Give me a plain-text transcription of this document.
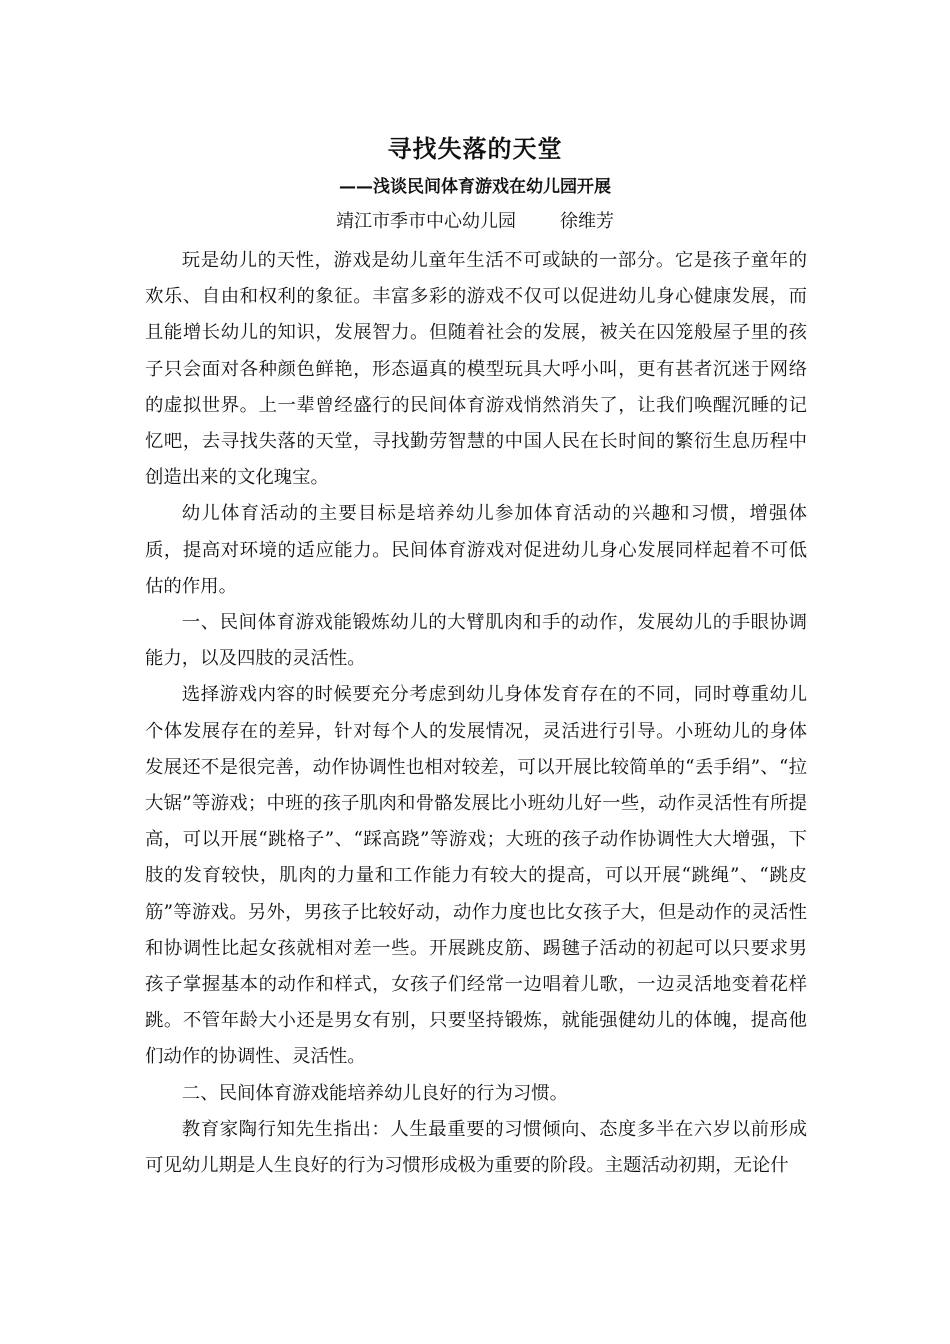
寻找失落的天堂
——浅谈民间体育游戏在幼儿园开展
靖江市季市中心幼儿园 徐维芳

玩是幼儿的天性，游戏是幼儿童年生活不可或缺的一部分。它是孩子童年的欢乐、自由和权利的象征。丰富多彩的游戏不仅可以促进幼儿身心健康发展，而且能增长幼儿的知识，发展智力。但随着社会的发展，被关在囚笼般屋子里的孩子只会面对各种颜色鲜艳，形态逼真的模型玩具大呼小叫，更有甚者沉迷于网络的虚拟世界。上一辈曾经盛行的民间体育游戏悄然消失了，让我们唤醒沉睡的记忆吧，去寻找失落的天堂，寻找勤劳智慧的中国人民在长时间的繁衍生息历程中创造出来的文化瑰宝。

幼儿体育活动的主要目标是培养幼儿参加体育活动的兴趣和习惯，增强体质，提高对环境的适应能力。民间体育游戏对促进幼儿身心发展同样起着不可低估的作用。

一、民间体育游戏能锻炼幼儿的大臂肌肉和手的动作，发展幼儿的手眼协调能力，以及四肢的灵活性。

选择游戏内容的时候要充分考虑到幼儿身体发育存在的不同，同时尊重幼儿个体发展存在的差异，针对每个人的发展情况，灵活进行引导。小班幼儿的身体发展还不是很完善，动作协调性也相对较差，可以开展比较简单的“丢手绢”、“拉大锯”等游戏；中班的孩子肌肉和骨骼发展比小班幼儿好一些，动作灵活性有所提高，可以开展“跳格子”、“踩高跷”等游戏；大班的孩子动作协调性大大增强，下肢的发育较快，肌肉的力量和工作能力有较大的提高，可以开展“跳绳”、“跳皮筋”等游戏。另外，男孩子比较好动，动作力度也比女孩子大，但是动作的灵活性和协调性比起女孩就相对差一些。开展跳皮筋、踢毽子活动的初起可以只要求男孩子掌握基本的动作和样式，女孩子们经常一边唱着儿歌，一边灵活地变着花样跳。不管年龄大小还是男女有别，只要坚持锻炼，就能强健幼儿的体魄，提高他们动作的协调性、灵活性。

二、民间体育游戏能培养幼儿良好的行为习惯。

教育家陶行知先生指出：人生最重要的习惯倾向、态度多半在六岁以前形成可见幼儿期是人生良好的行为习惯形成极为重要的阶段。主题活动初期，无论什
